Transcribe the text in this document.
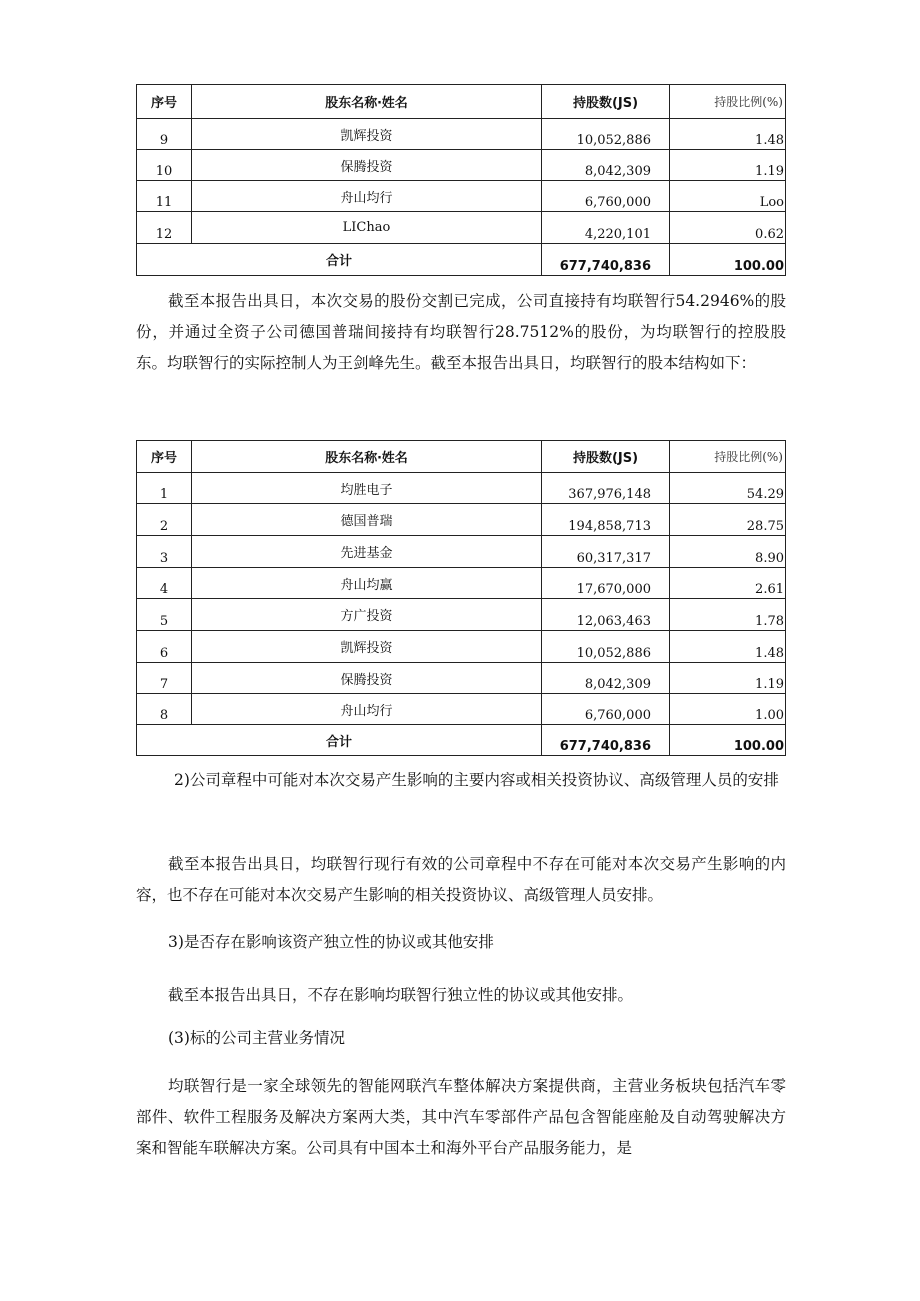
序号	股东名称‧姓名	持股数(JS)	持股比例(%)
9	凯辉投资	10,052,886	1.48
10	保腾投资	8,042,309	1.19
11	舟山均行	6,760,000	Loo
12	LIChao	4,220,101	0.62
合计		677,740,836	100.00

截至本报告出具日，本次交易的股份交割已完成，公司直接持有均联智行54.2946%的股份，并通过全资子公司德国普瑞间接持有均联智行28.7512%的股份，为均联智行的控股股东。均联智行的实际控制人为王剑峰先生。截至本报告出具日，均联智行的股本结构如下：

序号	股东名称‧姓名	持股数(JS)	持股比例(%)
1	均胜电子	367,976,148	54.29
2	德国普瑞	194,858,713	28.75
3	先进基金	60,317,317	8.90
4	舟山均赢	17,670,000	2.61
5	方广投资	12,063,463	1.78
6	凯辉投资	10,052,886	1.48
7	保腾投资	8,042,309	1.19
8	舟山均行	6,760,000	1.00
合计		677,740,836	100.00

2)公司章程中可能对本次交易产生影响的主要内容或相关投资协议、高级管理人员的安排

截至本报告出具日，均联智行现行有效的公司章程中不存在可能对本次交易产生影响的内容，也不存在可能对本次交易产生影响的相关投资协议、高级管理人员安排。

3)是否存在影响该资产独立性的协议或其他安排

截至本报告出具日，不存在影响均联智行独立性的协议或其他安排。

(3)标的公司主营业务情况

均联智行是一家全球领先的智能网联汽车整体解决方案提供商，主营业务板块包括汽车零部件、软件工程服务及解决方案两大类，其中汽车零部件产品包含智能座舱及自动驾驶解决方案和智能车联解决方案。公司具有中国本土和海外平台产品服务能力，是
